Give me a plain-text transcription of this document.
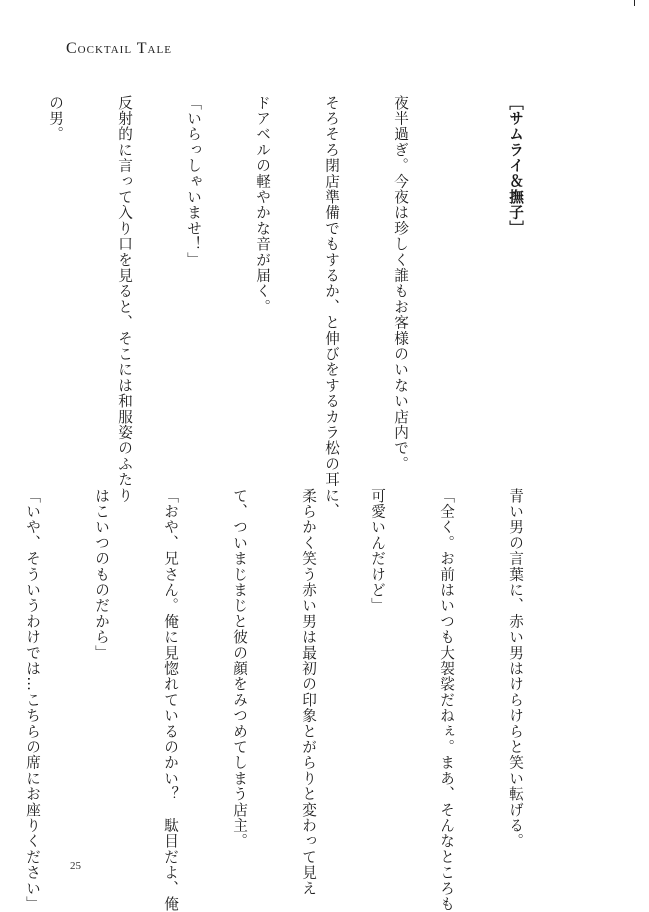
Cocktail Tale

［サムライ＆撫子］

夜半過ぎ。今夜は珍しく誰もお客様のいない店内で。

そろそろ閉店準備でもするか、と伸びをするカラ松の耳に、

ドアベルの軽やかな音が届く。

「いらっしゃいませ！」

反射的に言って入り口を見ると、そこには和服姿のふたり

の男。

青い男の言葉に、赤い男はけらけらと笑い転げる。

「全く。お前はいつも大袈裟だねぇ。まあ、そんなところも

可愛いんだけど」

柔らかく笑う赤い男は最初の印象とがらりと変わって見え

て、ついまじまじと彼の顔をみつめてしまう店主。

「おや、兄さん。俺に見惚れているのかい？　駄目だよ、俺

はこいつのものだから」

「いや、そういうわけでは…こちらの席にお座りください」

	25
